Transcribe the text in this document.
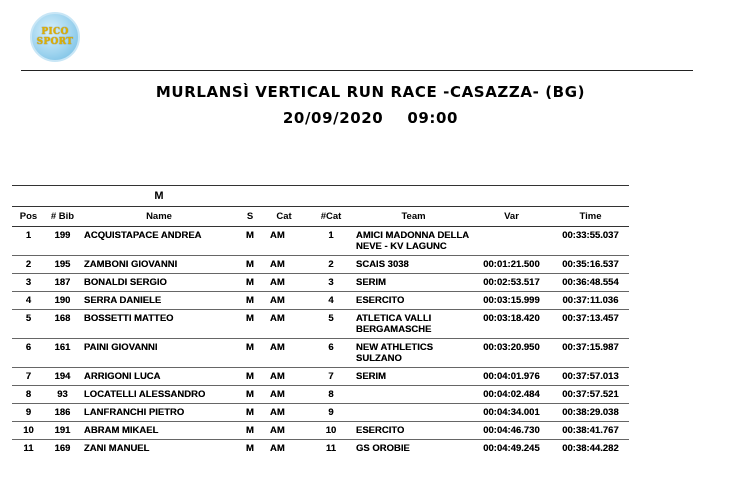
PICO
SPORT
MURLANSÌ VERTICAL RUN RACE -CASAZZA- (BG)
20/09/2020 09:00
		M						
Pos	# Bib	Name	S	Cat	#Cat	Team	Var	Time
1	199	ACQUISTAPACE ANDREA	M	AM	1	AMICI MADONNA DELLA NEVE - KV LAGUNC		00:33:55.037
2	195	ZAMBONI GIOVANNI	M	AM	2	SCAIS 3038	00:01:21.500	00:35:16.537
3	187	BONALDI SERGIO	M	AM	3	SERIM	00:02:53.517	00:36:48.554
4	190	SERRA DANIELE	M	AM	4	ESERCITO	00:03:15.999	00:37:11.036
5	168	BOSSETTI MATTEO	M	AM	5	ATLETICA VALLI BERGAMASCHE	00:03:18.420	00:37:13.457
6	161	PAINI GIOVANNI	M	AM	6	NEW ATHLETICS SULZANO	00:03:20.950	00:37:15.987
7	194	ARRIGONI LUCA	M	AM	7	SERIM	00:04:01.976	00:37:57.013
8	93	LOCATELLI ALESSANDRO	M	AM	8		00:04:02.484	00:37:57.521
9	186	LANFRANCHI PIETRO	M	AM	9		00:04:34.001	00:38:29.038
10	191	ABRAM MIKAEL	M	AM	10	ESERCITO	00:04:46.730	00:38:41.767
11	169	ZANI MANUEL	M	AM	11	GS OROBIE	00:04:49.245	00:38:44.282
